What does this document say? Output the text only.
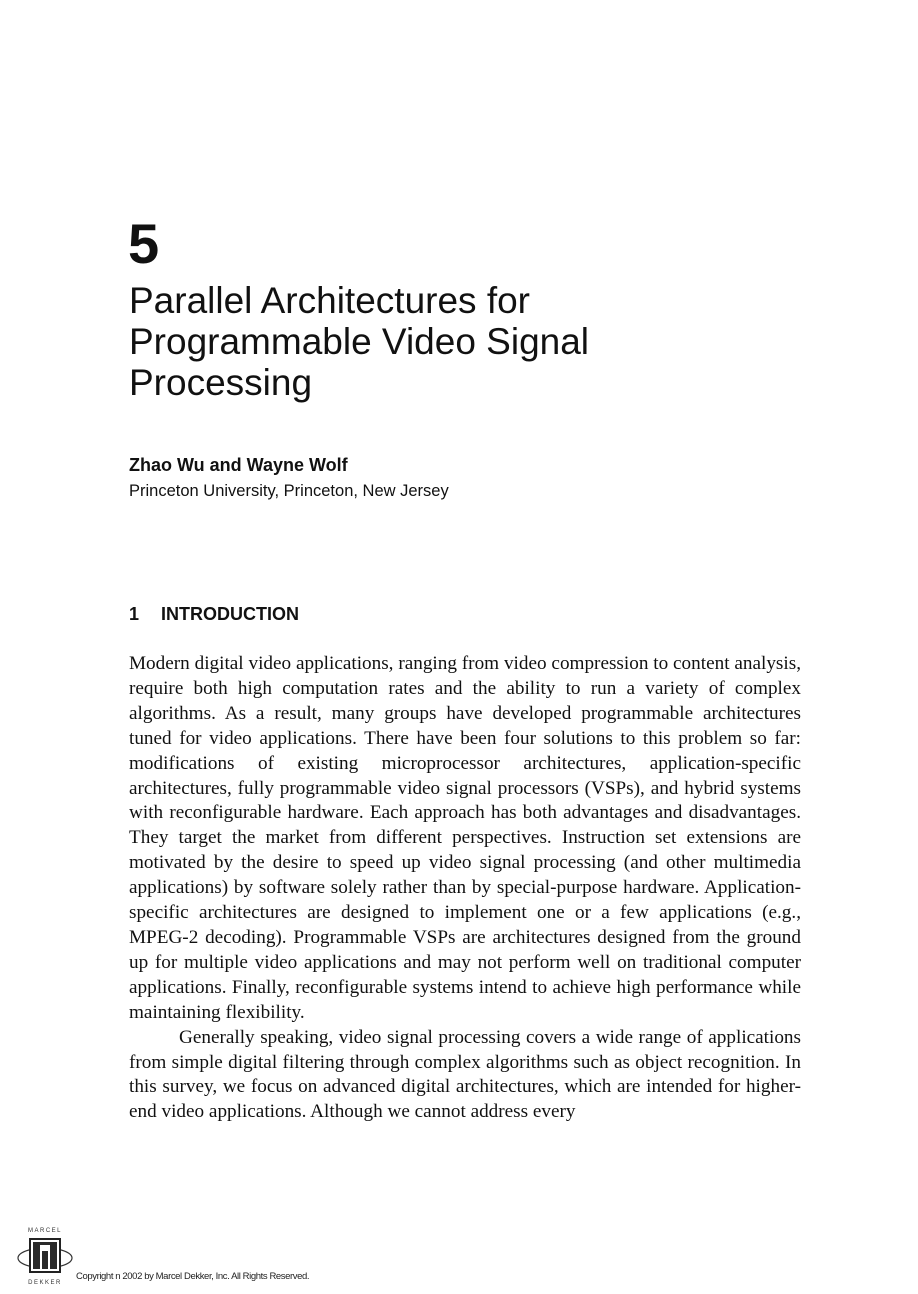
5
Parallel Architectures for Programmable Video Signal Processing
Zhao Wu and Wayne Wolf
Princeton University, Princeton, New Jersey
1 INTRODUCTION

Modern digital video applications, ranging from video compression to content analysis, require both high computation rates and the ability to run a variety of complex algorithms. As a result, many groups have developed programmable architectures tuned for video applications. There have been four solutions to this problem so far: modifications of existing microprocessor architectures, application-specific architectures, fully programmable video signal processors (VSPs), and hybrid systems with reconfigurable hardware. Each approach has both advantages and disadvantages. They target the market from different perspectives. Instruction set extensions are motivated by the desire to speed up video signal processing (and other multimedia applications) by software solely rather than by special-purpose hardware. Application-specific architectures are designed to implement one or a few applications (e.g., MPEG-2 decoding). Programmable VSPs are architectures designed from the ground up for multiple video applications and may not perform well on traditional computer applications. Finally, reconfigurable systems intend to achieve high performance while maintaining flexibility.

Generally speaking, video signal processing covers a wide range of applications from simple digital filtering through complex algorithms such as object recognition. In this survey, we focus on advanced digital architectures, which are intended for higher-end video applications. Although we cannot address every

MARCEL
DEKKER
Copyright n 2002 by Marcel Dekker, Inc. All Rights Reserved.
